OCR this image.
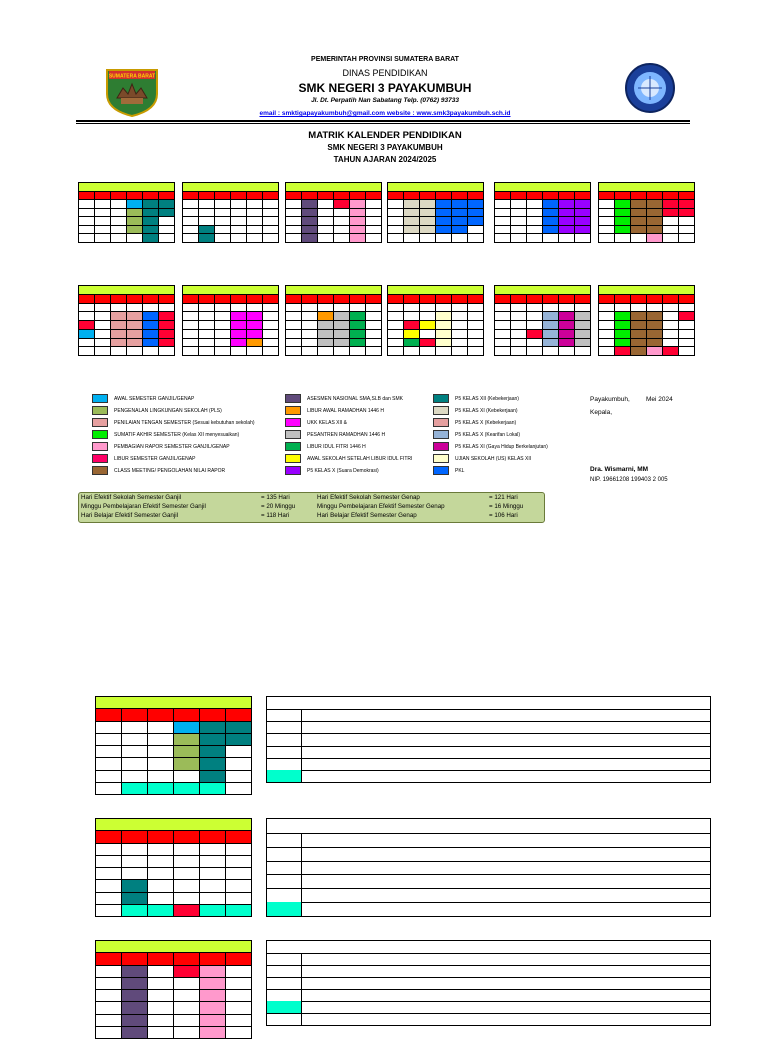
SUMATERA BARAT
PEMERINTAH PROVINSI SUMATERA BARAT
DINAS PENDIDIKAN
SMK NEGERI 3 PAYAKUMBUH
Jl. Dt. Perpatih Nan Sabatang Telp. (0762) 93733
email : smktigapayakumbuh@gmail.com website : www.smk3payakumbuh.sch.id
MATRIK KALENDER PENDIDIKAN
SMK NEGERI 3 PAYAKUMBUH
TAHUN AJARAN 2024/2025

AWAL SEMESTER GANJIL/GENAP
PENGENALAN LINGKUNGAN SEKOLAH (PLS)
PENILAIAN TENGAN SEMESTER (Sesuai kebutuhan sekolah)
SUMATIF AKHIR SEMESTER (Kelas XII menyesuaikan)
PEMBAGIAN RAPOR SEMESTER GANJIL/GENAP
LIBUR SEMESTER GANJIL/GENAP
CLASS MEETING/ PENGOLAHAN NILAI RAPOR
ASESMEN NASIONAL SMA,SLB dan SMK
LIBUR AWAL RAMADHAN 1446 H
UKK KELAS XII &
PESANTREN RAMADHAN 1446 H
LIBUR IDUL FITRI 1446 H
AWAL SEKOLAH SETELAH LIBUR IDUL FITRI
P5 KELAS X (Suara Demokrasi)
P5 KELAS XII (Kebekerjaan)
P5 KELAS XI (Kebekerjaan)
P5 KELAS X (Kebekerjaan)
P5 KELAS X (Kearifan Lokal)
P5 KELAS XI (Gaya Hidup Berkelanjutan)
UJIAN SEKOLAH (US) KELAS XII
PKL
Payakumbuh,	Mei 2024
Kepala,
Dra. Wismarni, MM
NIP. 19661208 199403 2 005
Hari Efektif Sekolah Semester Ganjil	= 135 Hari	Hari Efektif Sekolah Semester Genap	= 121 Hari
Minggu Pembelajaran Efektif Semester Ganjil	= 20 Minggu	Minggu Pembelajaran Efektif Semester Genap	= 16 Minggu
Hari Belajar Efektif Semester Ganjil	= 118 Hari	Hari Belajar Efektif Semester Genap	= 106 Hari
